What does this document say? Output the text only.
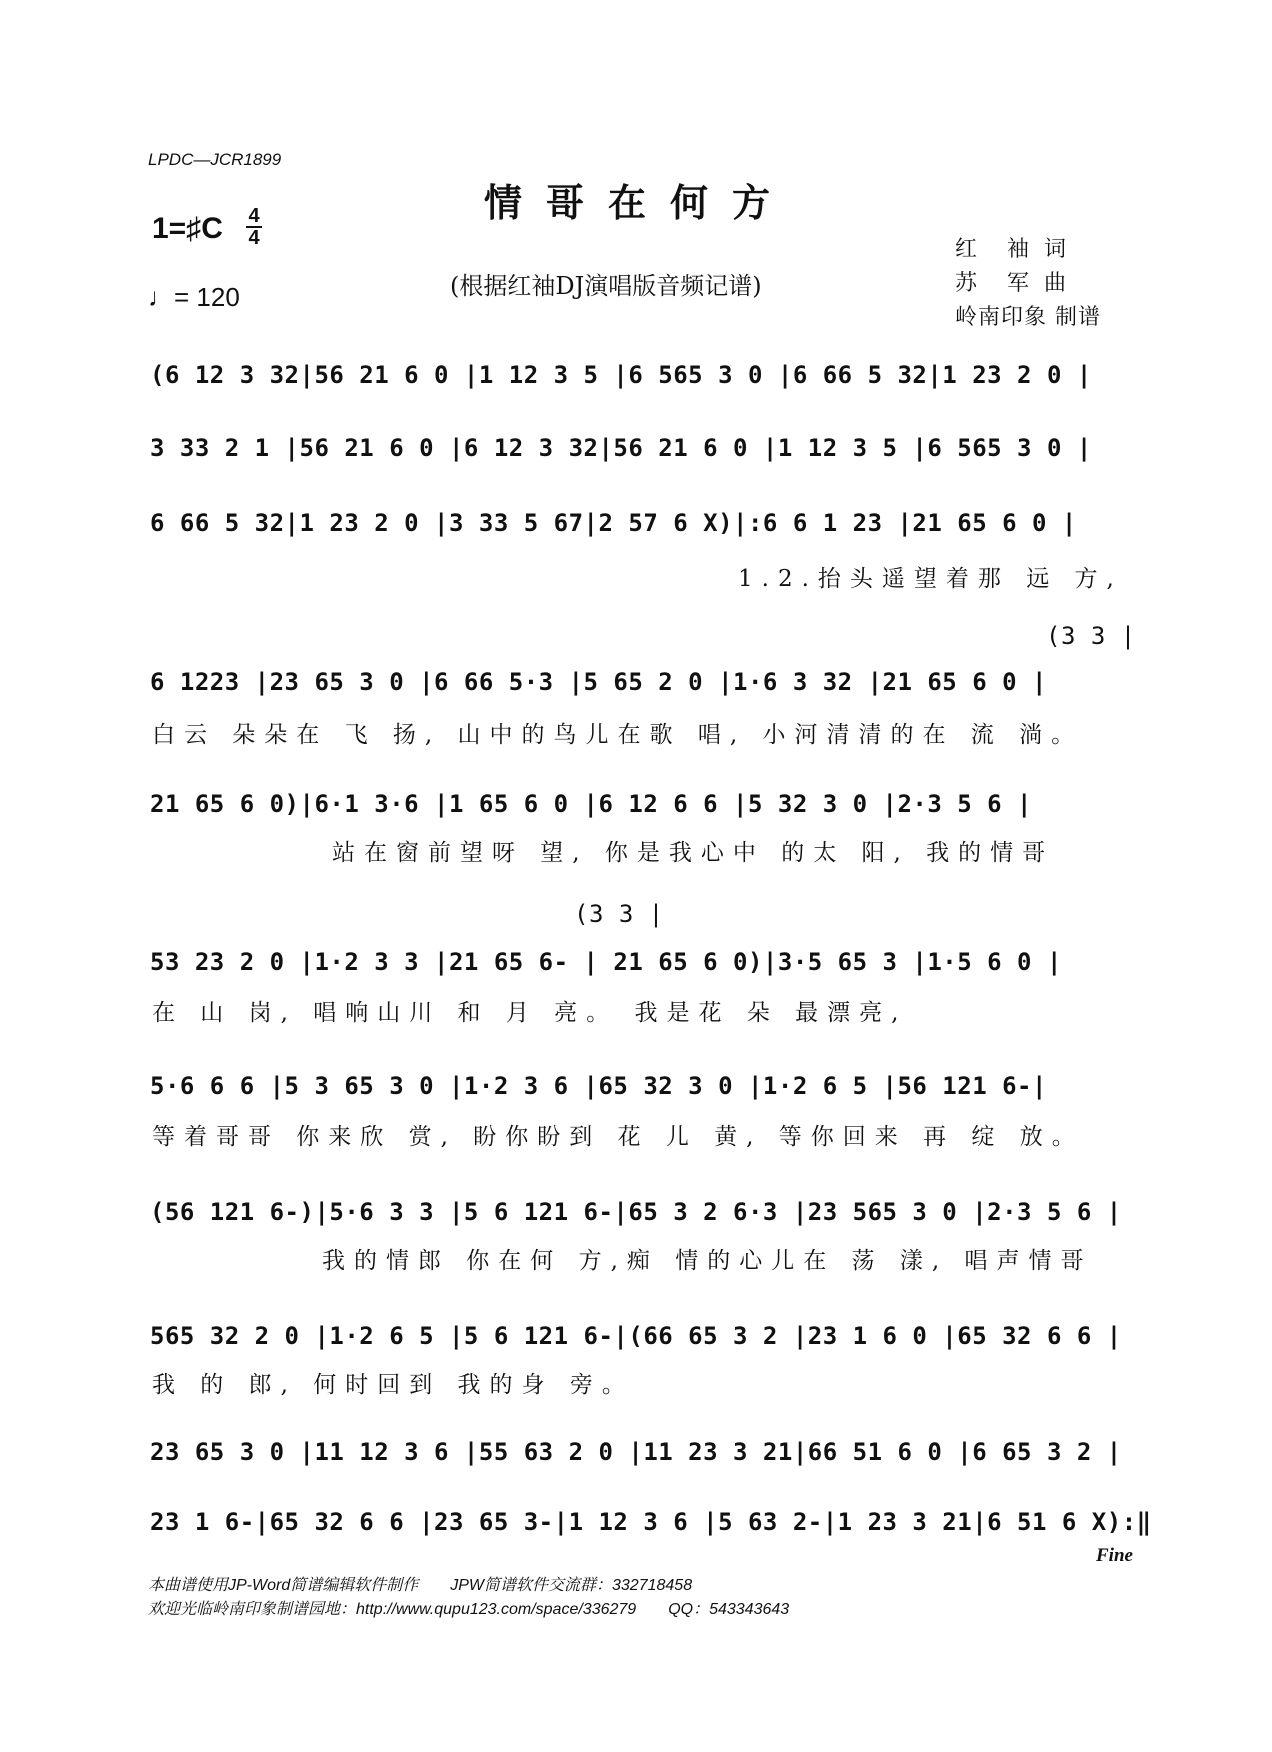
LPDC—JCR1899
情哥在何方
1=♯C 4
4
♩= 120	(根据红袖DJ演唱版音频记谱)
红　袖 词
苏　军 曲
岭南印象 制谱
(6 12 3 32|56 21 6 0 |1 12 3 5 |6 565 3 0 |6 66 5 32|1 23 2 0 |
3 33 2 1 |56 21 6 0 |6 12 3 32|56 21 6 0 |1 12 3 5 |6 565 3 0 |
6 66 5 32|1 23 2 0 |3 33 5 67|2 57 6 X)|:6 6 1 23 |21 65 6 0 |
1.2.抬头遥望着那 远 方,
(3 3 |
6 1223 |23 65 3 0 |6 66 5·3 |5 65 2 0 |1·6 3 32 |21 65 6 0 |
白云 朵朵在 飞 扬, 山中的鸟儿在歌 唱, 小河清清的在 流 淌。
21 65 6 0)|6·1 3·6 |1 65 6 0 |6 12 6 6 |5 32 3 0 |2·3 5 6 |
站在窗前望呀 望, 你是我心中 的太 阳, 我的情哥
(3 3 |
53 23 2 0 |1·2 3 3 |21 65 6- | 21 65 6 0)|3·5 65 3 |1·5 6 0 |
在 山 岗, 唱响山川 和 月 亮。 我是花 朵 最漂亮,
5·6 6 6 |5 3 65 3 0 |1·2 3 6 |65 32 3 0 |1·2 6 5 |56 121 6-|
等着哥哥 你来欣 赏, 盼你盼到 花 儿 黄, 等你回来 再 绽 放。
(56 121 6-)|5·6 3 3 |5 6 121 6-|65 3 2 6·3 |23 565 3 0 |2·3 5 6 |
我的情郎 你在何 方,痴 情的心儿在 荡 漾, 唱声情哥
565 32 2 0 |1·2 6 5 |5 6 121 6-|(66 65 3 2 |23 1 6 0 |65 32 6 6 |
我 的 郎, 何时回到 我的身 旁。
23 65 3 0 |11 12 3 6 |55 63 2 0 |11 23 3 21|66 51 6 0 |6 65 3 2 |
23 1 6-|65 32 6 6 |23 65 3-|1 12 3 6 |5 63 2-|1 23 3 21|6 51 6 X):‖
Fine
本曲谱使用JP-Word简谱编辑软件制作　　JPW简谱软件交流群：332718458
欢迎光临岭南印象制谱园地：http://www.qupu123.com/space/336279　　QQ：543343643
